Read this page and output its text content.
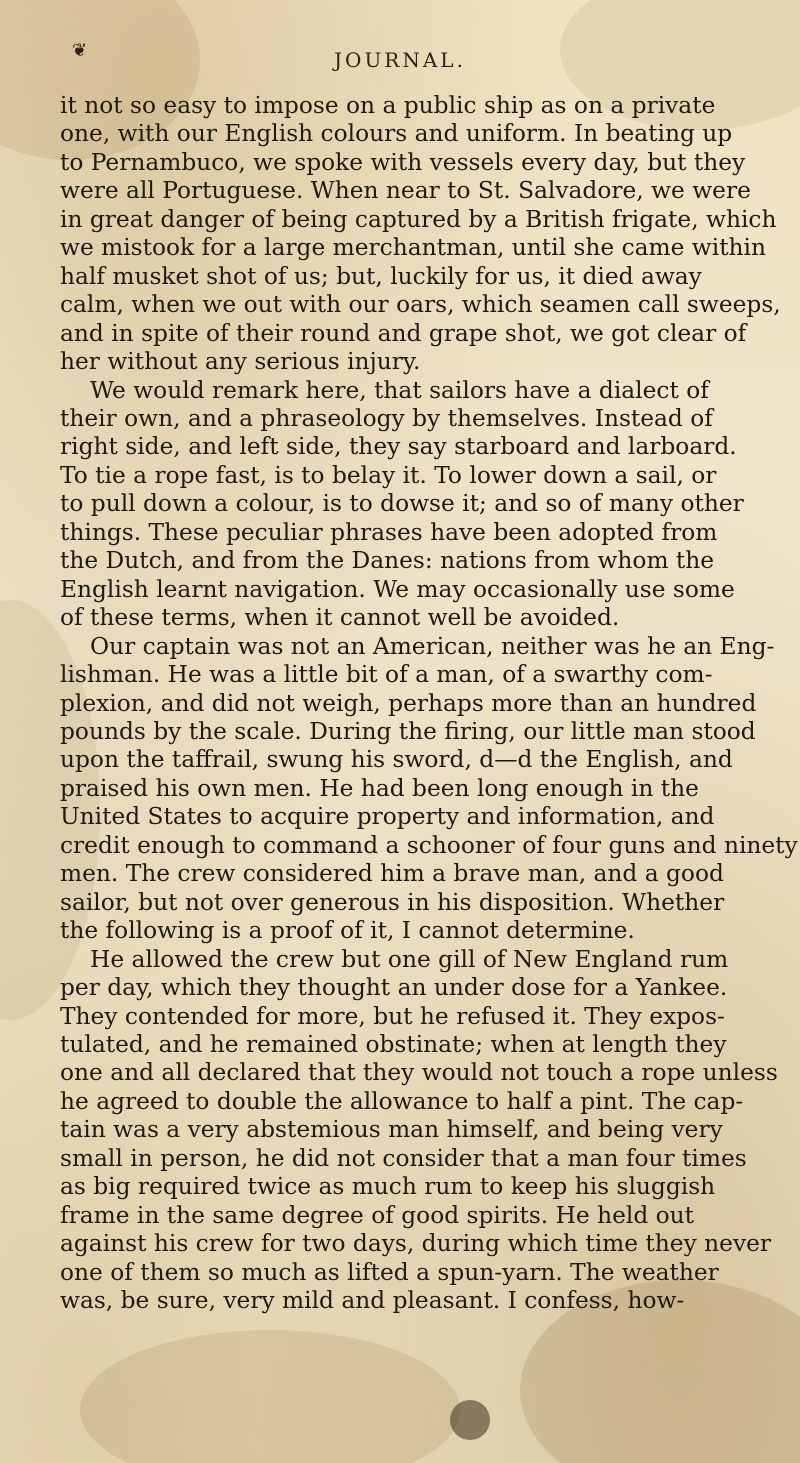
❦	JOURNAL.

it not so easy to impose on a public ship as on a private
one, with our English colours and uniform. In beating up
to Pernambuco, we spoke with vessels every day, but they
were all Portuguese. When near to St. Salvadore, we were
in great danger of being captured by a British frigate, which
we mistook for a large merchantman, until she came within
half musket shot of us; but, luckily for us, it died away
calm, when we out with our oars, which seamen call sweeps,
and in spite of their round and grape shot, we got clear of
her without any serious injury.

We would remark here, that sailors have a dialect of
their own, and a phraseology by themselves. Instead of
right side, and left side, they say starboard and larboard.
To tie a rope fast, is to belay it. To lower down a sail, or
to pull down a colour, is to dowse it; and so of many other
things. These peculiar phrases have been adopted from
the Dutch, and from the Danes: nations from whom the
English learnt navigation. We may occasionally use some
of these terms, when it cannot well be avoided.

Our captain was not an American, neither was he an Eng-
lishman. He was a little bit of a man, of a swarthy com-
plexion, and did not weigh, perhaps more than an hundred
pounds by the scale. During the firing, our little man stood
upon the taffrail, swung his sword, d—d the English, and
praised his own men. He had been long enough in the
United States to acquire property and information, and
credit enough to command a schooner of four guns and ninety
men. The crew considered him a brave man, and a good
sailor, but not over generous in his disposition. Whether
the following is a proof of it, I cannot determine.

He allowed the crew but one gill of New England rum
per day, which they thought an under dose for a Yankee.
They contended for more, but he refused it. They expos-
tulated, and he remained obstinate; when at length they
one and all declared that they would not touch a rope unless
he agreed to double the allowance to half a pint. The cap-
tain was a very abstemious man himself, and being very
small in person, he did not consider that a man four times
as big required twice as much rum to keep his sluggish
frame in the same degree of good spirits. He held out
against his crew for two days, during which time they never
one of them so much as lifted a spun-yarn. The weather
was, be sure, very mild and pleasant. I confess, how-
